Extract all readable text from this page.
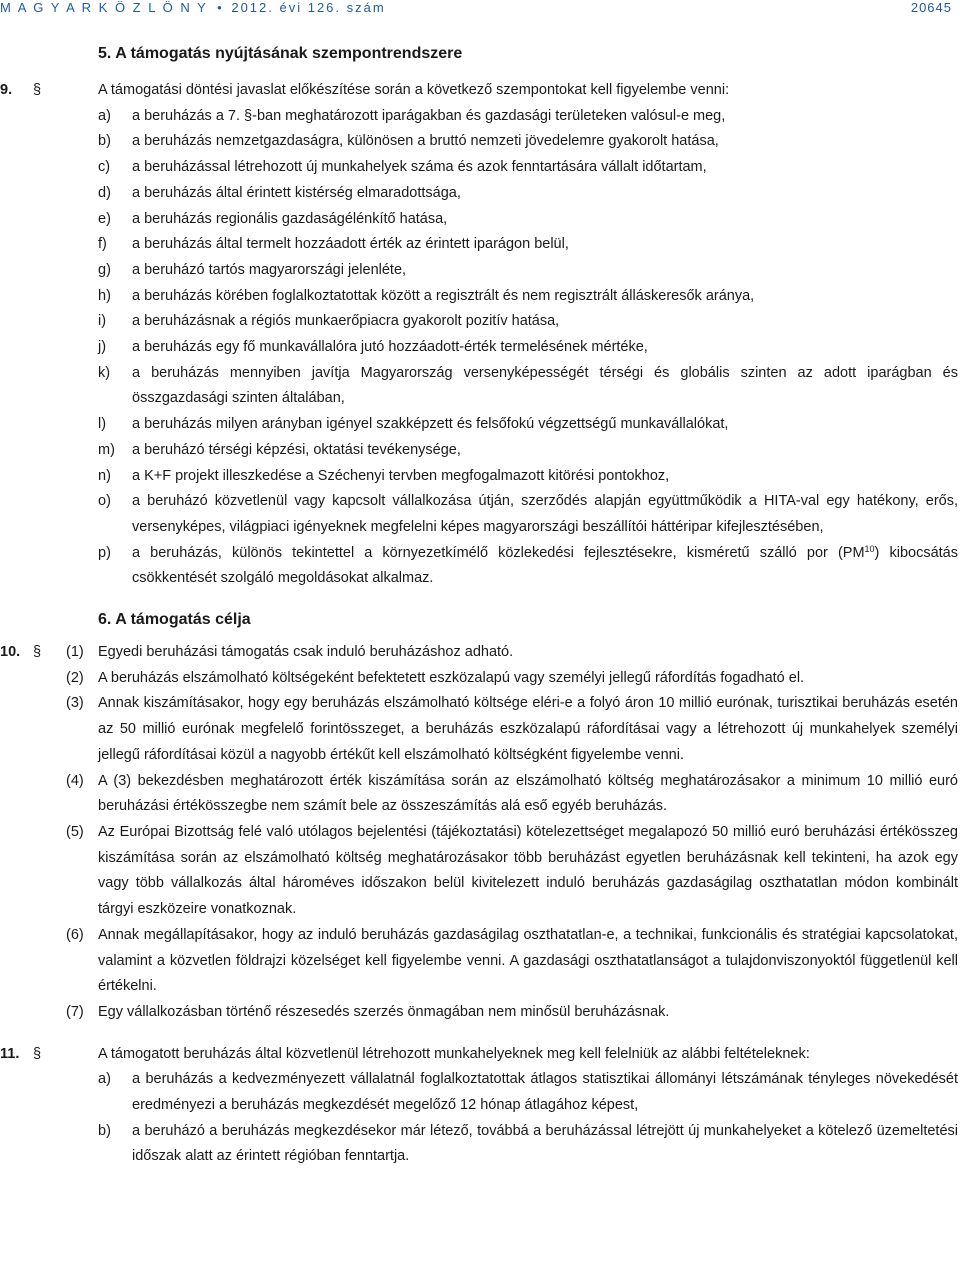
M A G Y A R K Ö Z L Ö N Y • 2012. évi 126. szám	20645
5. A támogatás nyújtásának szempontrendszere
9. §	A támogatási döntési javaslat előkészítése során a következő szempontokat kell figyelembe venni:
a)	a beruházás a 7. §-ban meghatározott iparágakban és gazdasági területeken valósul-e meg,
b)	a beruházás nemzetgazdaságra, különösen a bruttó nemzeti jövedelemre gyakorolt hatása,
c)	a beruházással létrehozott új munkahelyek száma és azok fenntartására vállalt időtartam,
d)	a beruházás által érintett kistérség elmaradottsága,
e)	a beruházás regionális gazdaságélénkítő hatása,
f)	a beruházás által termelt hozzáadott érték az érintett iparágon belül,
g)	a beruházó tartós magyarországi jelenléte,
h)	a beruházás körében foglalkoztatottak között a regisztrált és nem regisztrált álláskeresők aránya,
i)	a beruházásnak a régiós munkaerőpiacra gyakorolt pozitív hatása,
j)	a beruházás egy fő munkavállalóra jutó hozzáadott-érték termelésének mértéke,
k)	a beruházás mennyiben javítja Magyarország versenyképességét térségi és globális szinten az adott iparágban és összgazdasági szinten általában,
l)	a beruházás milyen arányban igényel szakképzett és felsőfokú végzettségű munkavállalókat,
m)	a beruházó térségi képzési, oktatási tevékenysége,
n)	a K+F projekt illeszkedése a Széchenyi tervben megfogalmazott kitörési pontokhoz,
o)	a beruházó közvetlenül vagy kapcsolt vállalkozása útján, szerződés alapján együttműködik a HITA-val egy hatékony, erős, versenyképes, világpiaci igényeknek megfelelni képes magyarországi beszállítói háttéripar kifejlesztésében,
p)	a beruházás, különös tekintettel a környezetkímélő közlekedési fejlesztésekre, kisméretű szálló por (PM$^{10}$) kibocsátás csökkentését szolgáló megoldásokat alkalmaz.
6. A támogatás célja
10. § (1) Egyedi beruházási támogatás csak induló beruházáshoz adható.
(2) A beruházás elszámolható költségeként befektetett eszközalapú vagy személyi jellegű ráfordítás fogadható el.
(3) Annak kiszámításakor, hogy egy beruházás elszámolható költsége eléri-e a folyó áron 10 millió eurónak, turisztikai beruházás esetén az 50 millió eurónak megfelelő forintösszeget, a beruházás eszközalapú ráfordításai vagy a létrehozott új munkahelyek személyi jellegű ráfordításai közül a nagyobb értékűt kell elszámolható költségként figyelembe venni.
(4) A (3) bekezdésben meghatározott érték kiszámítása során az elszámolható költség meghatározásakor a minimum 10 millió euró beruházási értékösszegbe nem számít bele az összeszámítás alá eső egyéb beruházás.
(5) Az Európai Bizottság felé való utólagos bejelentési (tájékoztatási) kötelezettséget megalapozó 50 millió euró beruházási értékösszeg kiszámítása során az elszámolható költség meghatározásakor több beruházást egyetlen beruházásnak kell tekinteni, ha azok egy vagy több vállalkozás által hároméves időszakon belül kivitelezett induló beruházás gazdaságilag oszthatatlan módon kombinált tárgyi eszközeire vonatkoznak.
(6) Annak megállapításakor, hogy az induló beruházás gazdaságilag oszthatatlan-e, a technikai, funkcionális és stratégiai kapcsolatokat, valamint a közvetlen földrajzi közelséget kell figyelembe venni. A gazdasági oszthatatlanságot a tulajdonviszonyoktól függetlenül kell értékelni.
(7) Egy vállalkozásban történő részesedés szerzés önmagában nem minősül beruházásnak.
11. §	A támogatott beruházás által közvetlenül létrehozott munkahelyeknek meg kell felelniük az alábbi feltételeknek:
a)	a beruházás a kedvezményezett vállalatnál foglalkoztatottak átlagos statisztikai állományi létszámának tényleges növekedését eredményezi a beruházás megkezdését megelőző 12 hónap átlagához képest,
b)	a beruházó a beruházás megkezdésekor már létező, továbbá a beruházással létrejött új munkahelyeket a kötelező üzemeltetési időszak alatt az érintett régióban fenntartja.
